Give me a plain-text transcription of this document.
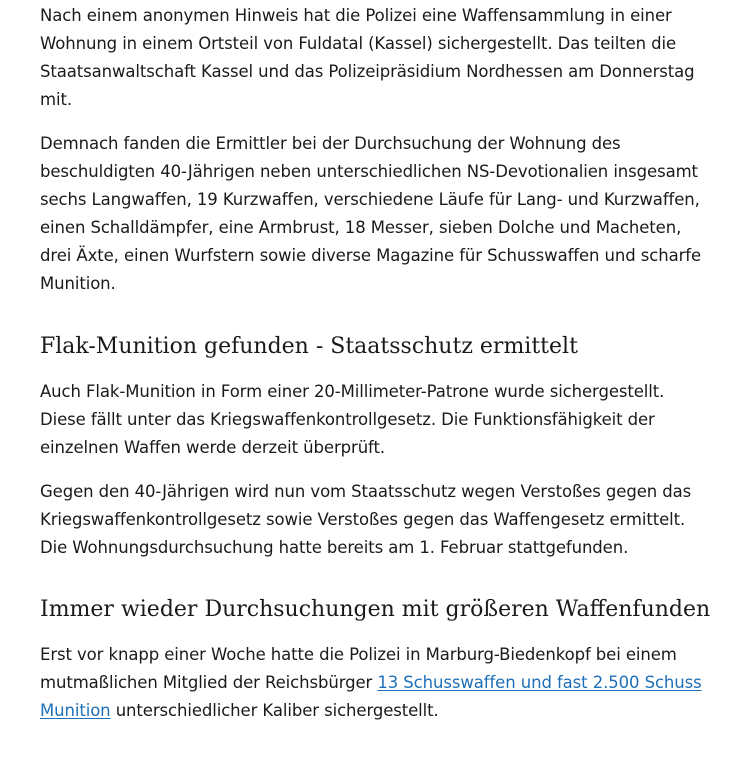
Nach einem anonymen Hinweis hat die Polizei eine Waffensammlung in einer Wohnung in einem Ortsteil von Fuldatal (Kassel) sichergestellt. Das teilten die Staatsanwaltschaft Kassel und das Polizeipräsidium Nordhessen am Donnerstag mit.

Demnach fanden die Ermittler bei der Durchsuchung der Wohnung des beschuldigten 40-Jährigen neben unterschiedlichen NS-Devotionalien insgesamt sechs Langwaffen, 19 Kurzwaffen, verschiedene Läufe für Lang- und Kurzwaffen, einen Schalldämpfer, eine Armbrust, 18 Messer, sieben Dolche und Macheten, drei Äxte, einen Wurfstern sowie diverse Magazine für Schusswaffen und scharfe Munition.

Flak-Munition gefunden - Staatsschutz ermittelt

Auch Flak-Munition in Form einer 20-Millimeter-Patrone wurde sichergestellt. Diese fällt unter das Kriegswaffenkontrollgesetz. Die Funktionsfähigkeit der einzelnen Waffen werde derzeit überprüft.

Gegen den 40-Jährigen wird nun vom Staatsschutz wegen Verstoßes gegen das Kriegswaffenkontrollgesetz sowie Verstoßes gegen das Waffengesetz ermittelt. Die Wohnungsdurchsuchung hatte bereits am 1. Februar stattgefunden.

Immer wieder Durchsuchungen mit größeren Waffenfunden

Erst vor knapp einer Woche hatte die Polizei in Marburg-Biedenkopf bei einem mutmaßlichen Mitglied der Reichsbürger 13 Schusswaffen und fast 2.500 Schuss Munition unterschiedlicher Kaliber sichergestellt.
